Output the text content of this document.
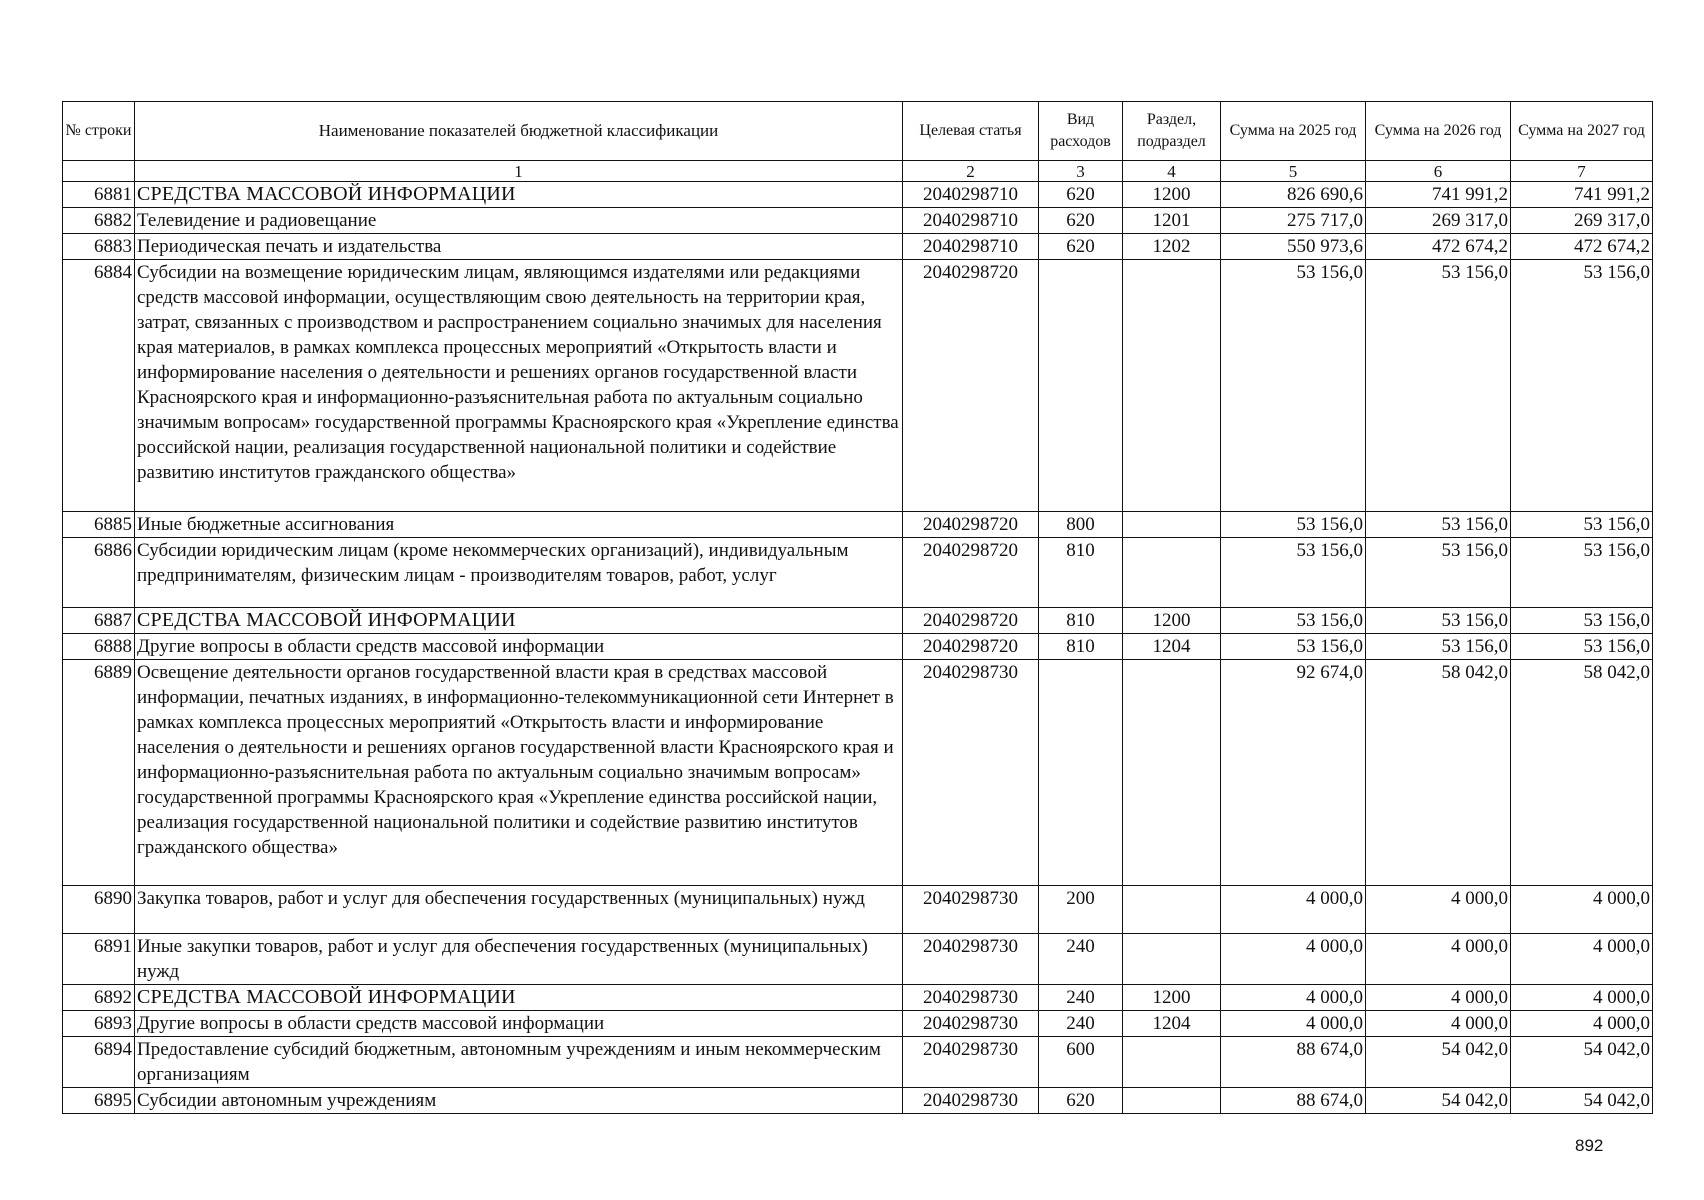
№ строки	Наименование показателей бюджетной классификации	Целевая статья	Вид расходов	Раздел, подраздел	Сумма на 2025 год	Сумма на 2026 год	Сумма на 2027 год
	1	2	3	4	5	6	7
6881	СРЕДСТВА МАССОВОЙ ИНФОРМАЦИИ	2040298710	620	1200	826 690,6	741 991,2	741 991,2
6882	Телевидение и радиовещание	2040298710	620	1201	275 717,0	269 317,0	269 317,0
6883	Периодическая печать и издательства	2040298710	620	1202	550 973,6	472 674,2	472 674,2
6884	Субсидии на возмещение юридическим лицам, являющимся издателями или редакциями средств массовой информации, осуществляющим свою деятельность на территории края, затрат, связанных с производством и распространением социально значимых для населения края материалов, в рамках комплекса процессных мероприятий «Открытость власти и информирование населения о деятельности и решениях органов государственной власти Красноярского края и информационно-разъяснительная работа по актуальным социально значимым вопросам» государственной программы Красноярского края «Укрепление единства российской нации, реализация государственной национальной политики и содействие развитию институтов гражданского общества»	2040298720			53 156,0	53 156,0	53 156,0
6885	Иные бюджетные ассигнования	2040298720	800		53 156,0	53 156,0	53 156,0
6886	Субсидии юридическим лицам (кроме некоммерческих организаций), индивидуальным предпринимателям, физическим лицам - производителям товаров, работ, услуг	2040298720	810		53 156,0	53 156,0	53 156,0
6887	СРЕДСТВА МАССОВОЙ ИНФОРМАЦИИ	2040298720	810	1200	53 156,0	53 156,0	53 156,0
6888	Другие вопросы в области средств массовой информации	2040298720	810	1204	53 156,0	53 156,0	53 156,0
6889	Освещение деятельности органов государственной власти края в средствах массовой информации, печатных изданиях, в информационно-телекоммуникационной сети Интернет в рамках комплекса процессных мероприятий «Открытость власти и информирование населения о деятельности и решениях органов государственной власти Красноярского края и информационно-разъяснительная работа по актуальным социально значимым вопросам» государственной программы Красноярского края «Укрепление единства российской нации, реализация государственной национальной политики и содействие развитию институтов гражданского общества»	2040298730			92 674,0	58 042,0	58 042,0
6890	Закупка товаров, работ и услуг для обеспечения государственных (муниципальных) нужд	2040298730	200		4 000,0	4 000,0	4 000,0
6891	Иные закупки товаров, работ и услуг для обеспечения государственных (муниципальных) нужд	2040298730	240		4 000,0	4 000,0	4 000,0
6892	СРЕДСТВА МАССОВОЙ ИНФОРМАЦИИ	2040298730	240	1200	4 000,0	4 000,0	4 000,0
6893	Другие вопросы в области средств массовой информации	2040298730	240	1204	4 000,0	4 000,0	4 000,0
6894	Предоставление субсидий бюджетным, автономным учреждениям и иным некоммерческим организациям	2040298730	600		88 674,0	54 042,0	54 042,0
6895	Субсидии автономным учреждениям	2040298730	620		88 674,0	54 042,0	54 042,0
892
